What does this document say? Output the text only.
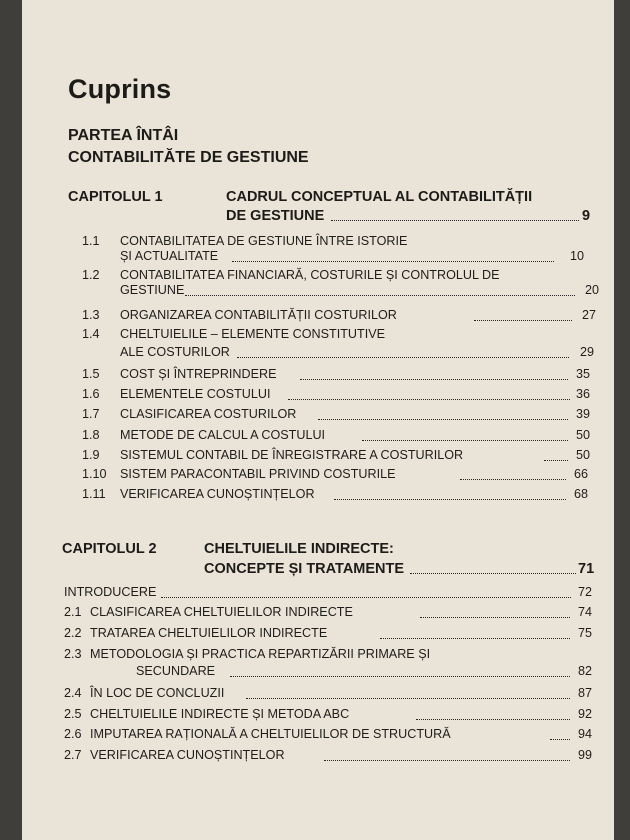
Cuprins
PARTEA ÎNTÂI
CONTABILITĂTE DE GESTIUNE
CAPITOLUL 1	CADRUL CONCEPTUAL AL CONTABILITĂȚII
DE GESTIUNE	9
1.1 CONTABILITATEA DE GESTIUNE ÎNTRE ISTORIE
ȘI ACTUALITATE	10
1.2 CONTABILITATEA FINANCIARĂ, COSTURILE ȘI CONTROLUL DE
GESTIUNE	20
1.3 ORGANIZAREA CONTABILITĂȚII COSTURILOR	27
1.4 CHELTUIELILE – ELEMENTE CONSTITUTIVE
ALE COSTURILOR	29
1.5 COST ȘI ÎNTREPRINDERE	35
1.6 ELEMENTELE COSTULUI	36
1.7 CLASIFICAREA COSTURILOR	39
1.8 METODE DE CALCUL A COSTULUI	50
1.9 SISTEMUL CONTABIL DE ÎNREGISTRARE A COSTURILOR	50
1.10 SISTEM PARACONTABIL PRIVIND COSTURILE	66
1.11 VERIFICAREA CUNOȘTINȚELOR	68
CAPITOLUL 2	CHELTUIELILE INDIRECTE:
CONCEPTE ȘI TRATAMENTE	71
INTRODUCERE	72
2.1 CLASIFICAREA CHELTUIELILOR INDIRECTE	74
2.2 TRATAREA CHELTUIELILOR INDIRECTE	75
2.3 METODOLOGIA ȘI PRACTICA REPARTIZĂRII PRIMARE ȘI
SECUNDARE	82
2.4 ÎN LOC DE CONCLUZII	87
2.5 CHELTUIELILE INDIRECTE ȘI METODA ABC	92
2.6 IMPUTAREA RAȚIONALĂ A CHELTUIELILOR DE STRUCTURĂ	94
2.7 VERIFICAREA CUNOȘTINȚELOR	99
